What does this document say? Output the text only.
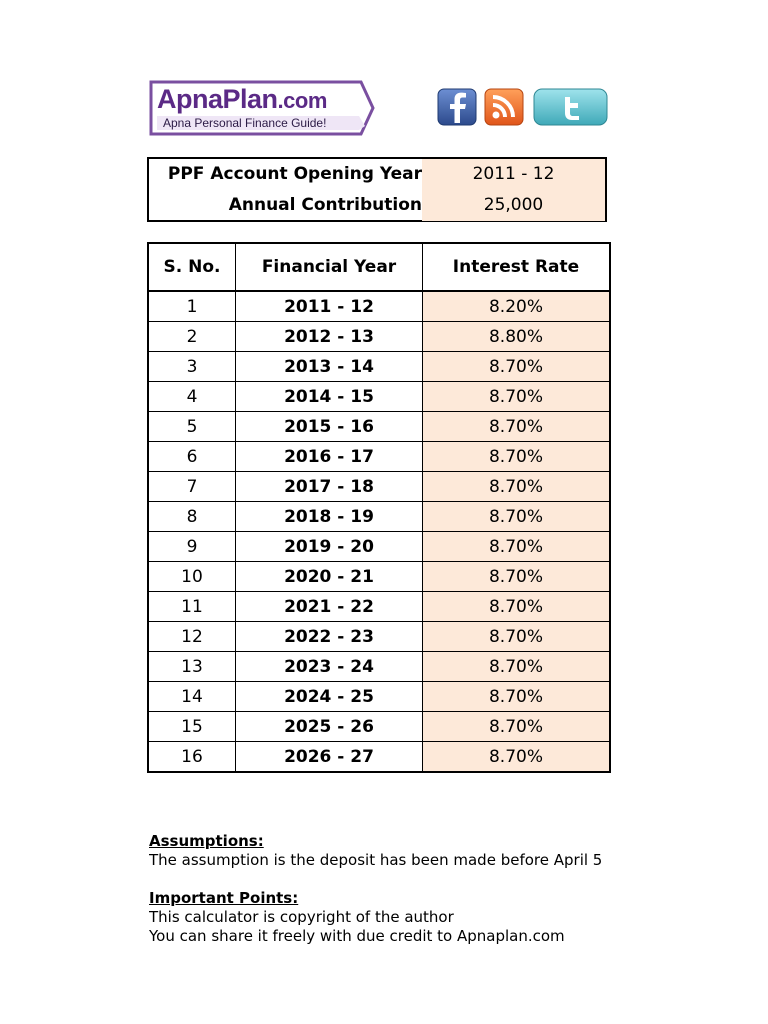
ApnaPlan.com
Apna Personal Finance Guide!
PPF Account Opening Year	2011 - 12
Annual Contribution	25,000
S. No.	Financial Year	Interest Rate
1	2011 - 12	8.20%
2	2012 - 13	8.80%
3	2013 - 14	8.70%
4	2014 - 15	8.70%
5	2015 - 16	8.70%
6	2016 - 17	8.70%
7	2017 - 18	8.70%
8	2018 - 19	8.70%
9	2019 - 20	8.70%
10	2020 - 21	8.70%
11	2021 - 22	8.70%
12	2022 - 23	8.70%
13	2023 - 24	8.70%
14	2024 - 25	8.70%
15	2025 - 26	8.70%
16	2026 - 27	8.70%
Assumptions:
The assumption is the deposit has been made before April 5
Important Points:
This calculator is copyright of the author
You can share it freely with due credit to Apnaplan.com
